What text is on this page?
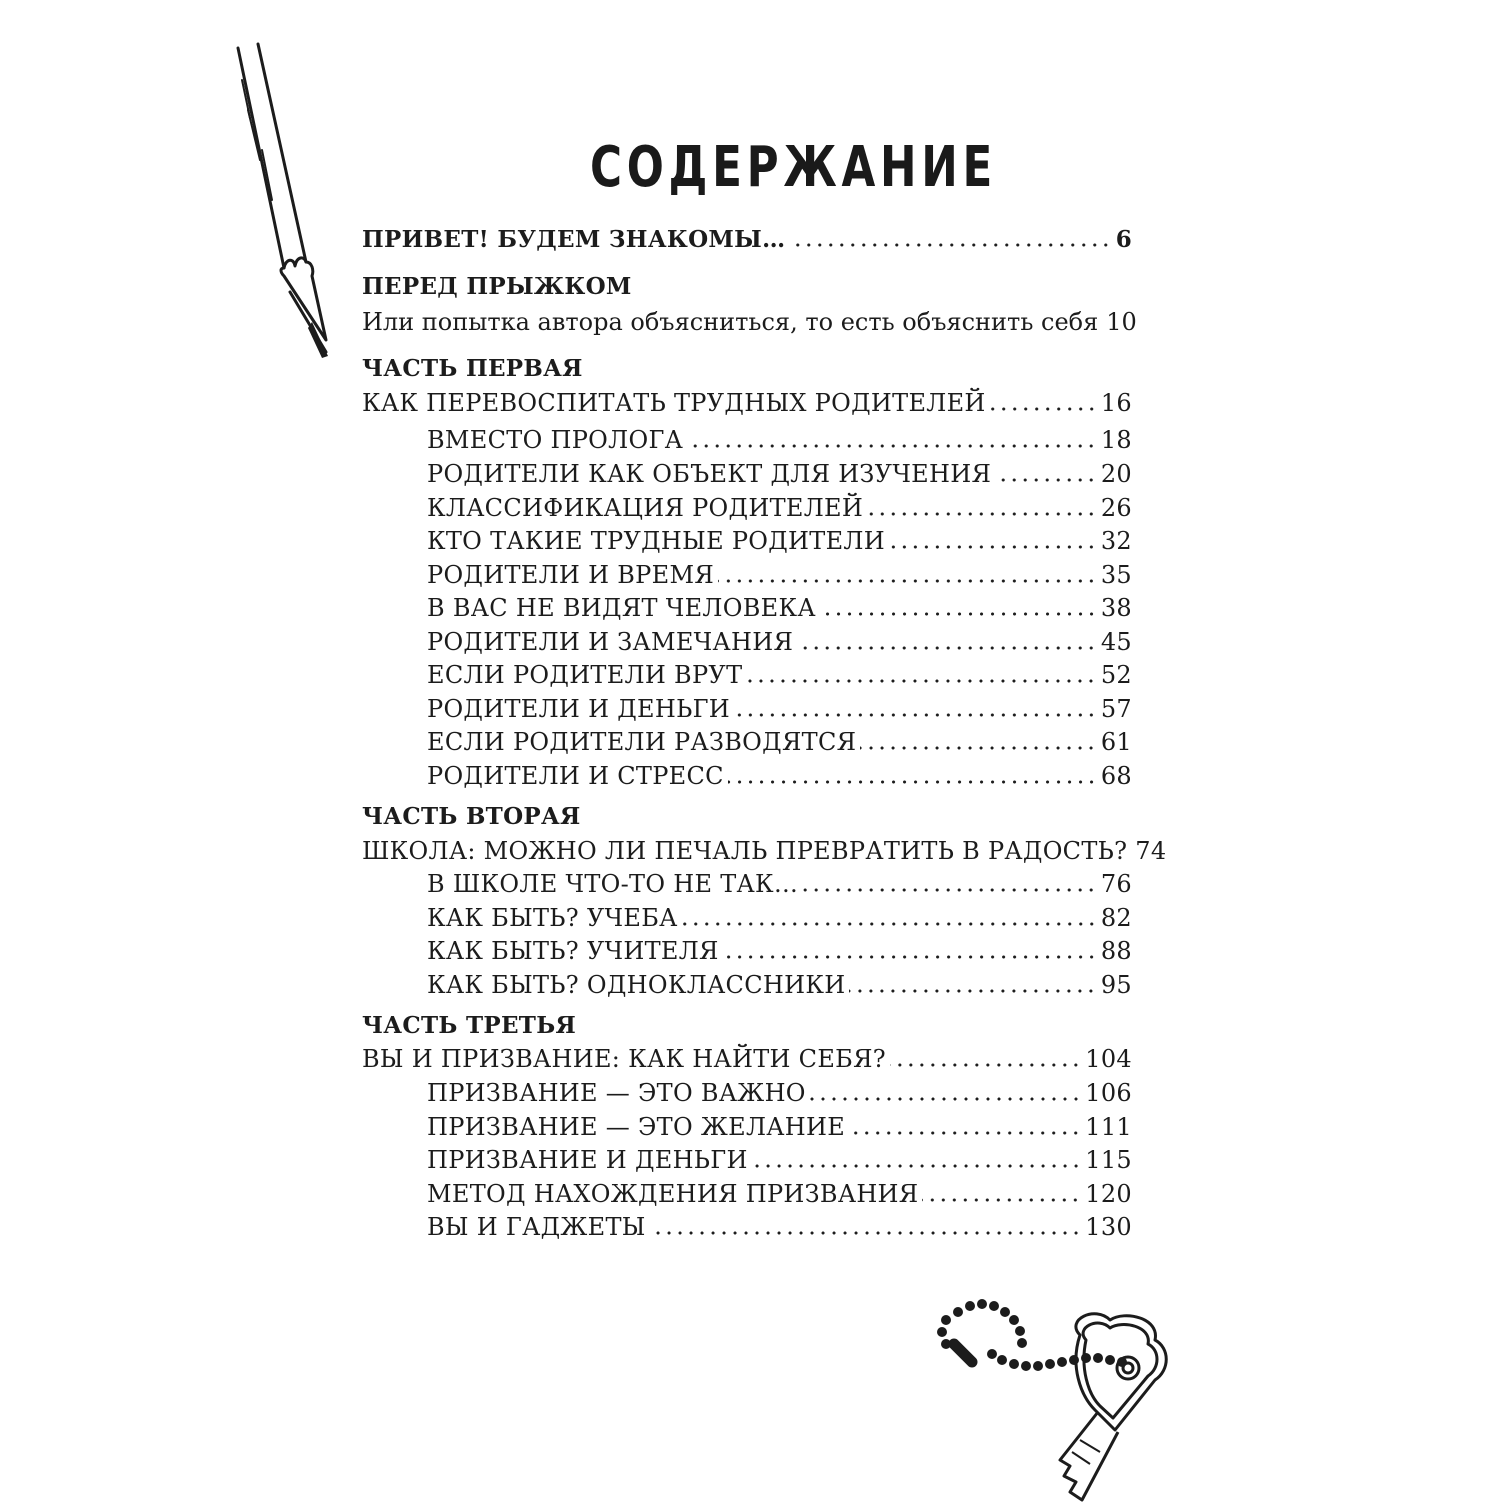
СОДЕРЖАНИЕ
ПРИВЕТ! БУДЕМ ЗНАКОМЫ…	6
ПЕРЕД ПРЫЖКОМ
Или попытка автора объясниться, то есть объяснить себя 10
ЧАСТЬ ПЕРВАЯ
КАК ПЕРЕВОСПИТАТЬ ТРУДНЫХ РОДИТЕЛЕЙ	16
ВМЕСТО ПРОЛОГА	18
РОДИТЕЛИ КАК ОБЪЕКТ ДЛЯ ИЗУЧЕНИЯ	20
КЛАССИФИКАЦИЯ РОДИТЕЛЕЙ	26
КТО ТАКИЕ ТРУДНЫЕ РОДИТЕЛИ	32
РОДИТЕЛИ И ВРЕМЯ	35
В ВАС НЕ ВИДЯТ ЧЕЛОВЕКА	38
РОДИТЕЛИ И ЗАМЕЧАНИЯ	45
ЕСЛИ РОДИТЕЛИ ВРУТ	52
РОДИТЕЛИ И ДЕНЬГИ	57
ЕСЛИ РОДИТЕЛИ РАЗВОДЯТСЯ	61
РОДИТЕЛИ И СТРЕСС	68
ЧАСТЬ ВТОРАЯ
ШКОЛА: МОЖНО ЛИ ПЕЧАЛЬ ПРЕВРАТИТЬ В РАДОСТЬ? 74
В ШКОЛЕ ЧТО-ТО НЕ ТАК…	76
КАК БЫТЬ? УЧЕБА	82
КАК БЫТЬ? УЧИТЕЛЯ	88
КАК БЫТЬ? ОДНОКЛАССНИКИ	95
ЧАСТЬ ТРЕТЬЯ
ВЫ И ПРИЗВАНИЕ: КАК НАЙТИ СЕБЯ?	104
ПРИЗВАНИЕ — ЭТО ВАЖНО	106
ПРИЗВАНИЕ — ЭТО ЖЕЛАНИЕ	111
ПРИЗВАНИЕ И ДЕНЬГИ	115
МЕТОД НАХОЖДЕНИЯ ПРИЗВАНИЯ	120
ВЫ И ГАДЖЕТЫ	130
